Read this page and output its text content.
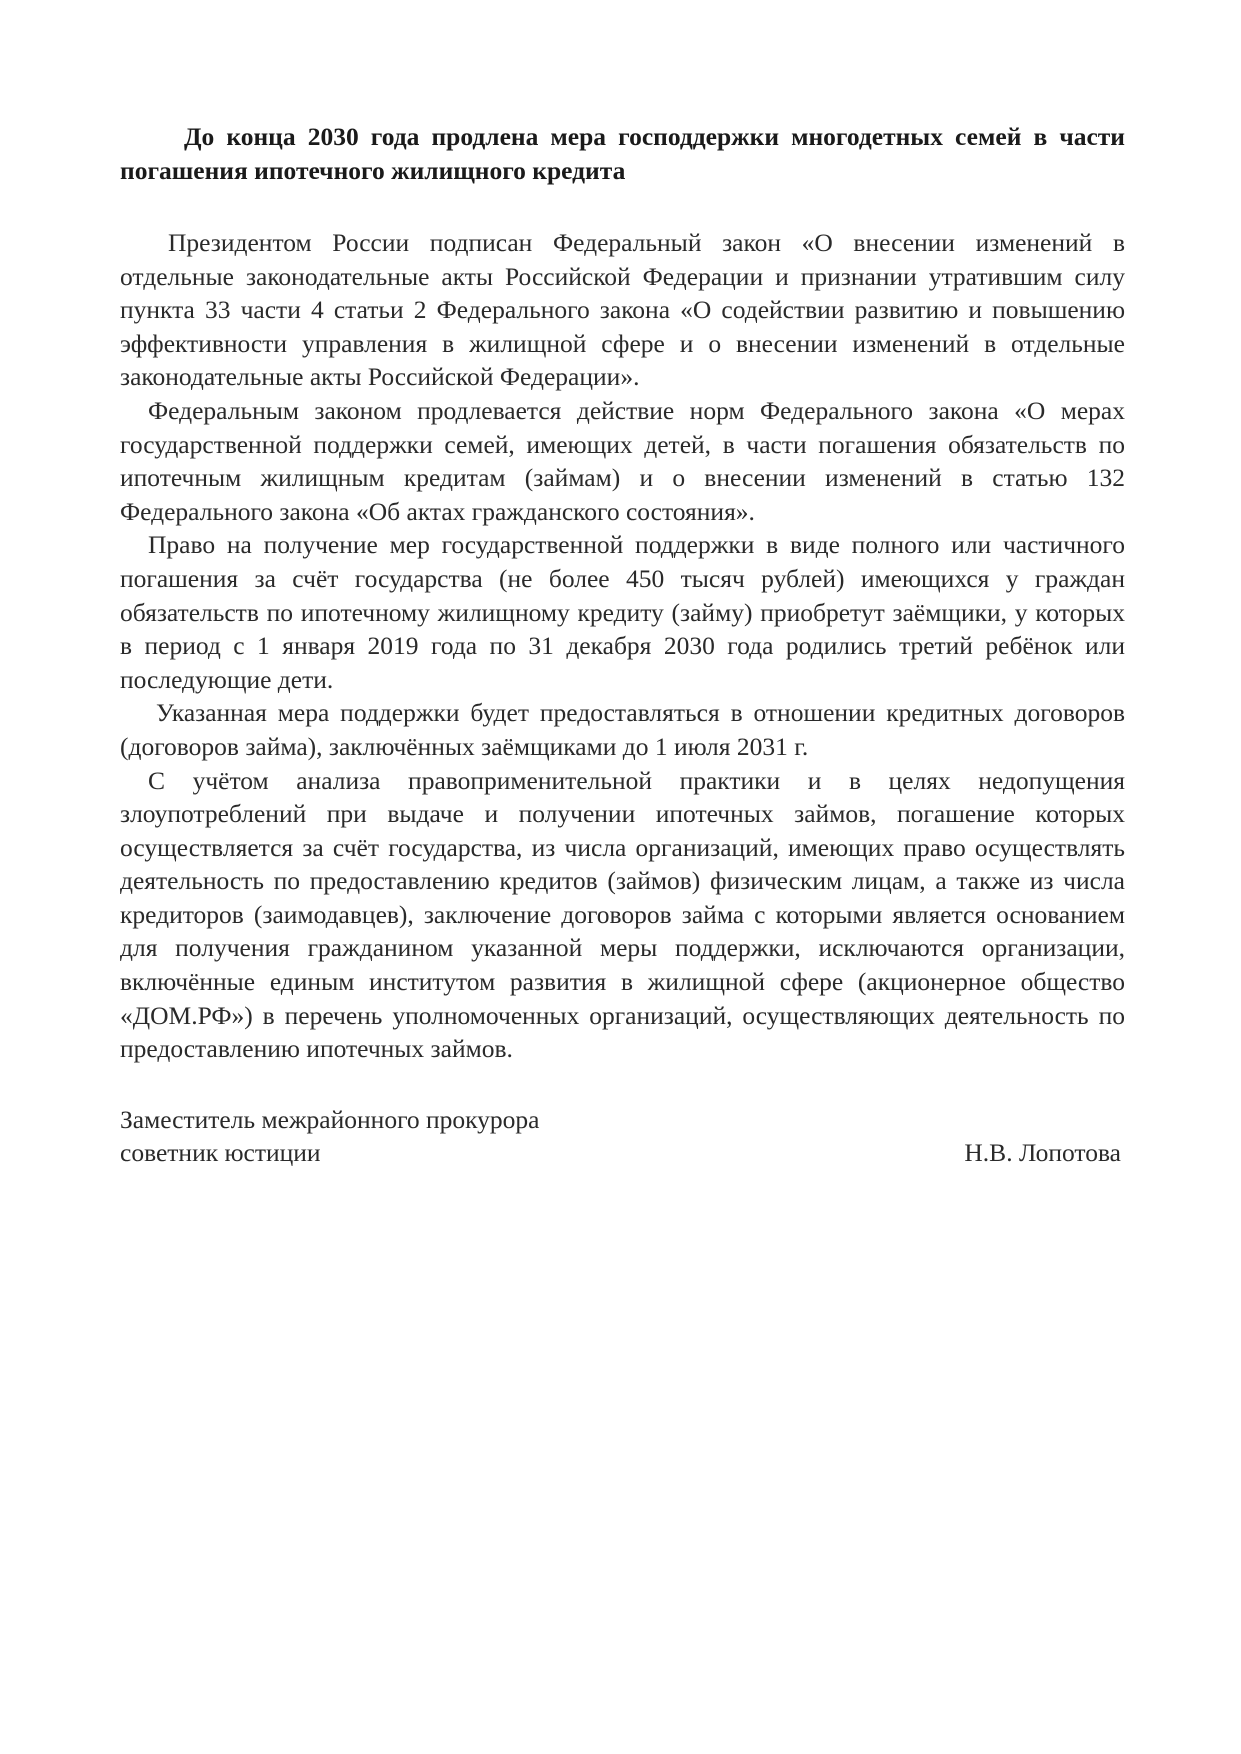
До конца 2030 года продлена мера господдержки многодетных семей в части погашения ипотечного жилищного кредита

Президентом России подписан Федеральный закон «О внесении изменений в отдельные законодательные акты Российской Федерации и признании утратившим силу пункта 33 части 4 статьи 2 Федерального закона «О содействии развитию и повышению эффективности управления в жилищной сфере и о внесении изменений в отдельные законодательные акты Российской Федерации».

Федеральным законом продлевается действие норм Федерального закона «О мерах государственной поддержки семей, имеющих детей, в части погашения обязательств по ипотечным жилищным кредитам (займам) и о внесении изменений в статью 132 Федерального закона «Об актах гражданского состояния».

Право на получение мер государственной поддержки в виде полного или частичного погашения за счёт государства (не более 450 тысяч рублей) имеющихся у граждан обязательств по ипотечному жилищному кредиту (займу) приобретут заёмщики, у которых в период с 1 января 2019 года по 31 декабря 2030 года родились третий ребёнок или последующие дети.

Указанная мера поддержки будет предоставляться в отношении кредитных договоров (договоров займа), заключённых заёмщиками до 1 июля 2031 г.

С учётом анализа правоприменительной практики и в целях недопущения злоупотреблений при выдаче и получении ипотечных займов, погашение которых осуществляется за счёт государства, из числа организаций, имеющих право осуществлять деятельность по предоставлению кредитов (займов) физическим лицам, а также из числа кредиторов (заимодавцев), заключение договоров займа с которыми является основанием для получения гражданином указанной меры поддержки, исключаются организации, включённые единым институтом развития в жилищной сфере (акционерное общество «ДОМ.РФ») в перечень уполномоченных организаций, осуществляющих деятельность по предоставлению ипотечных займов.

Заместитель межрайонного прокурора
советник юстиции	Н.В. Лопотова
